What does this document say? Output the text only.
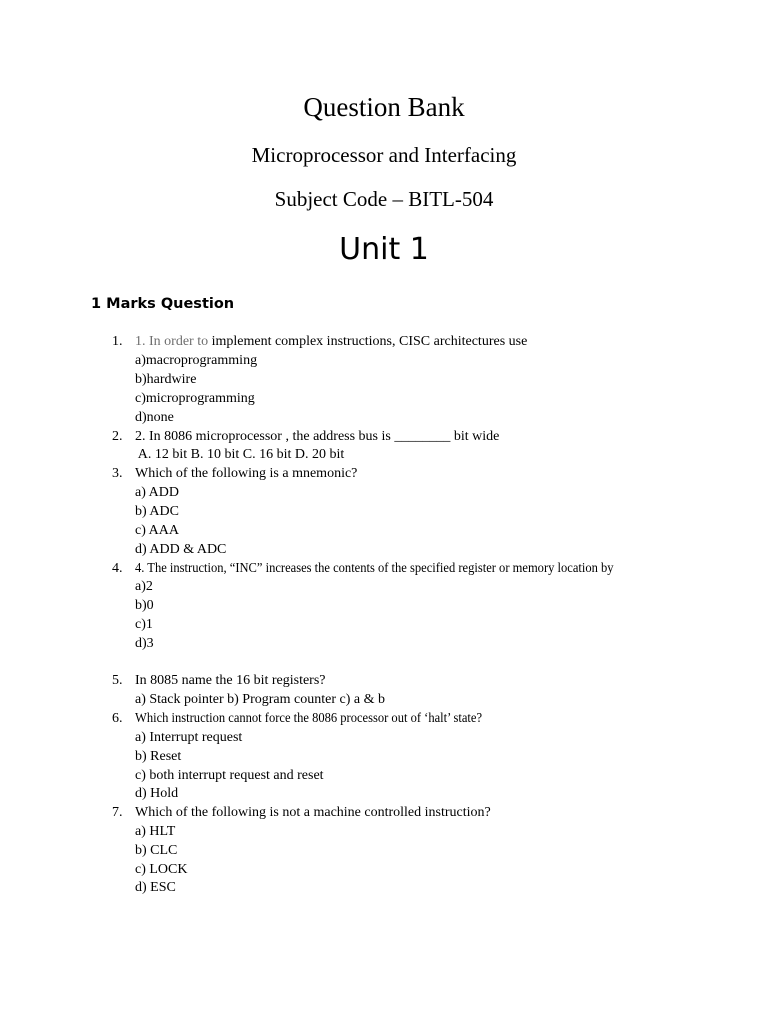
Question Bank
Microprocessor and Interfacing
Subject Code – BITL-504
Unit 1
1 Marks Question
1. 1. In order to implement complex instructions, CISC architectures use
a)macroprogramming
b)hardwire
c)microprogramming
d)none
2. 2. In 8086 microprocessor , the address bus is ________ bit wide
A. 12 bit B. 10 bit C. 16 bit D. 20 bit
3. Which of the following is a mnemonic?
a) ADD
b) ADC
c) AAA
d) ADD & ADC
4. 4. The instruction, “INC” increases the contents of the specified register or memory location by
a)2
b)0
c)1
d)3
5. In 8085 name the 16 bit registers?
a) Stack pointer b) Program counter c) a & b
6. Which instruction cannot force the 8086 processor out of ‘halt’ state?
a) Interrupt request
b) Reset
c) both interrupt request and reset
d) Hold
7. Which of the following is not a machine controlled instruction?
a) HLT
b) CLC
c) LOCK
d) ESC
